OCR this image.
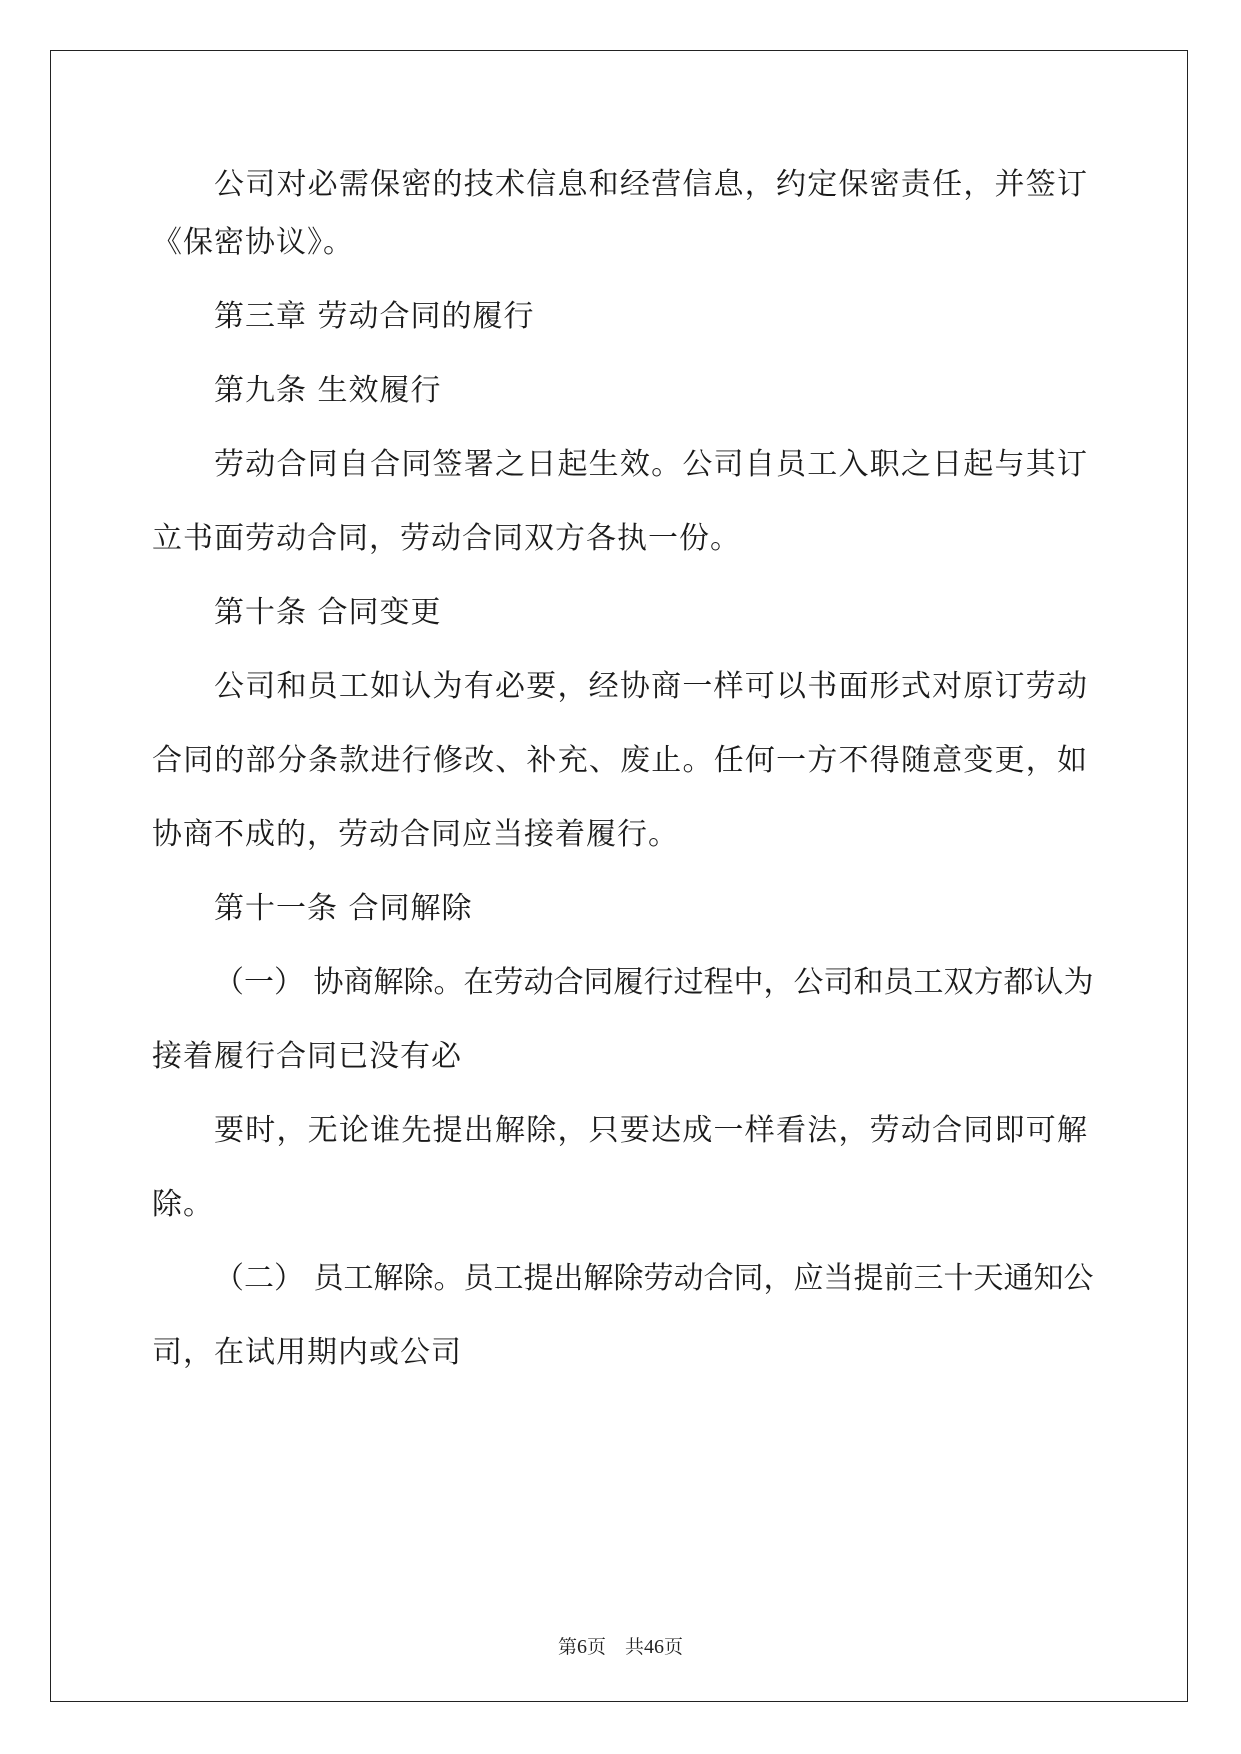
公司对必需保密的技术信息和经营信息，约定保密责任，并签订
《保密协议》。
第三章 劳动合同的履行
第九条 生效履行
劳动合同自合同签署之日起生效。公司自员工入职之日起与其订
立书面劳动合同，劳动合同双方各执一份。
第十条 合同变更
公司和员工如认为有必要，经协商一样可以书面形式对原订劳动
合同的部分条款进行修改、补充、废止。任何一方不得随意变更，如
协商不成的，劳动合同应当接着履行。
第十一条 合同解除
（一） 协商解除。在劳动合同履行过程中，公司和员工双方都认为
接着履行合同已没有必
要时，无论谁先提出解除，只要达成一样看法，劳动合同即可解
除。
（二） 员工解除。员工提出解除劳动合同，应当提前三十天通知公
司，在试用期内或公司
第6页 共46页
